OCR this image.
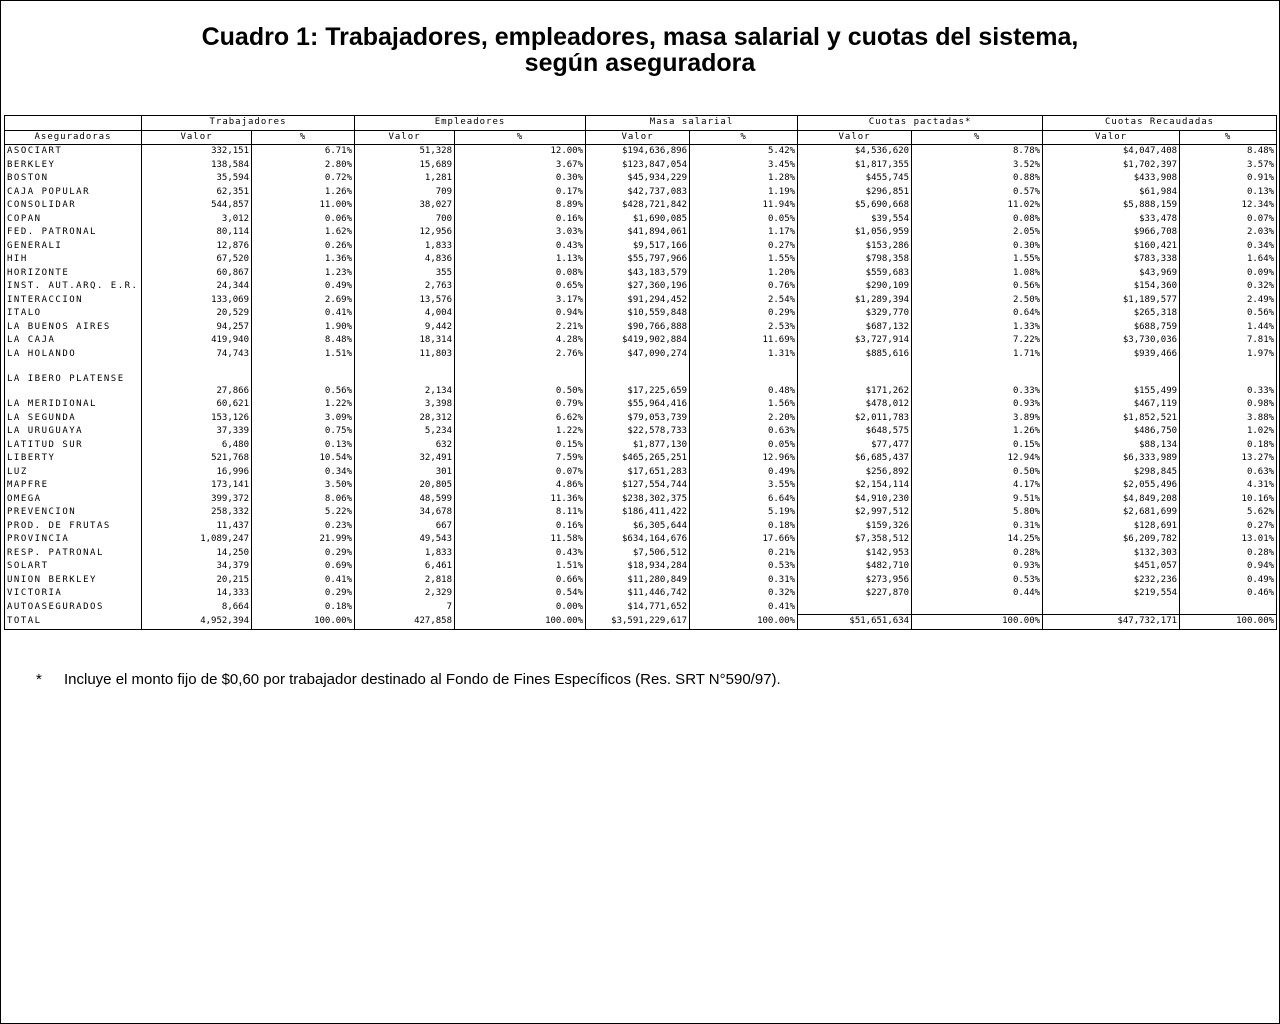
Cuadro 1: Trabajadores, empleadores, masa salarial y cuotas del sistema,
según aseguradora
	Trabajadores		Empleadores		Masa salarial		Cuotas pactadas*		Cuotas Recaudadas	
Aseguradoras	Valor	%	Valor	%	Valor	%	Valor	%	Valor	%
ASOCIART	332,151	6.71%	51,328	12.00%	$194,636,896	5.42%	$4,536,620	8.78%	$4,047,408	8.48%
BERKLEY	138,584	2.80%	15,689	3.67%	$123,847,054	3.45%	$1,817,355	3.52%	$1,702,397	3.57%
BOSTON	35,594	0.72%	1,281	0.30%	$45,934,229	1.28%	$455,745	0.88%	$433,908	0.91%
CAJA POPULAR	62,351	1.26%	709	0.17%	$42,737,083	1.19%	$296,851	0.57%	$61,984	0.13%
CONSOLIDAR	544,857	11.00%	38,027	8.89%	$428,721,842	11.94%	$5,690,668	11.02%	$5,888,159	12.34%
COPAN	3,012	0.06%	700	0.16%	$1,690,085	0.05%	$39,554	0.08%	$33,478	0.07%
FED. PATRONAL	80,114	1.62%	12,956	3.03%	$41,894,061	1.17%	$1,056,959	2.05%	$966,708	2.03%
GENERALI	12,876	0.26%	1,833	0.43%	$9,517,166	0.27%	$153,286	0.30%	$160,421	0.34%
HIH	67,520	1.36%	4,836	1.13%	$55,797,966	1.55%	$798,358	1.55%	$783,338	1.64%
HORIZONTE	60,867	1.23%	355	0.08%	$43,183,579	1.20%	$559,683	1.08%	$43,969	0.09%
INST. AUT.ARQ. E.R.	24,344	0.49%	2,763	0.65%	$27,360,196	0.76%	$290,109	0.56%	$154,360	0.32%
INTERACCION	133,069	2.69%	13,576	3.17%	$91,294,452	2.54%	$1,289,394	2.50%	$1,189,577	2.49%
ITALO	20,529	0.41%	4,004	0.94%	$10,559,848	0.29%	$329,770	0.64%	$265,318	0.56%
LA BUENOS AIRES	94,257	1.90%	9,442	2.21%	$90,766,888	2.53%	$687,132	1.33%	$688,759	1.44%
LA CAJA	419,940	8.48%	18,314	4.28%	$419,902,884	11.69%	$3,727,914	7.22%	$3,730,036	7.81%
LA HOLANDO	74,743	1.51%	11,803	2.76%	$47,090,274	1.31%	$885,616	1.71%	$939,466	1.97%
LA IBERO PLATENSE	27,866	0.56%	2,134	0.50%	$17,225,659	0.48%	$171,262	0.33%	$155,499	0.33%
LA MERIDIONAL	60,621	1.22%	3,398	0.79%	$55,964,416	1.56%	$478,012	0.93%	$467,119	0.98%
LA SEGUNDA	153,126	3.09%	28,312	6.62%	$79,053,739	2.20%	$2,011,783	3.89%	$1,852,521	3.88%
LA URUGUAYA	37,339	0.75%	5,234	1.22%	$22,578,733	0.63%	$648,575	1.26%	$486,750	1.02%
LATITUD SUR	6,480	0.13%	632	0.15%	$1,877,130	0.05%	$77,477	0.15%	$88,134	0.18%
LIBERTY	521,768	10.54%	32,491	7.59%	$465,265,251	12.96%	$6,685,437	12.94%	$6,333,989	13.27%
LUZ	16,996	0.34%	301	0.07%	$17,651,283	0.49%	$256,892	0.50%	$298,845	0.63%
MAPFRE	173,141	3.50%	20,805	4.86%	$127,554,744	3.55%	$2,154,114	4.17%	$2,055,496	4.31%
OMEGA	399,372	8.06%	48,599	11.36%	$238,302,375	6.64%	$4,910,230	9.51%	$4,849,208	10.16%
PREVENCION	258,332	5.22%	34,678	8.11%	$186,411,422	5.19%	$2,997,512	5.80%	$2,681,699	5.62%
PROD. DE FRUTAS	11,437	0.23%	667	0.16%	$6,305,644	0.18%	$159,326	0.31%	$128,691	0.27%
PROVINCIA	1,089,247	21.99%	49,543	11.58%	$634,164,676	17.66%	$7,358,512	14.25%	$6,209,782	13.01%
RESP. PATRONAL	14,250	0.29%	1,833	0.43%	$7,506,512	0.21%	$142,953	0.28%	$132,303	0.28%
SOLART	34,379	0.69%	6,461	1.51%	$18,934,284	0.53%	$482,710	0.93%	$451,057	0.94%
UNION BERKLEY	20,215	0.41%	2,818	0.66%	$11,280,849	0.31%	$273,956	0.53%	$232,236	0.49%
VICTORIA	14,333	0.29%	2,329	0.54%	$11,446,742	0.32%	$227,870	0.44%	$219,554	0.46%
AUTOASEGURADOS	8,664	0.18%	7	0.00%	$14,771,652	0.41%				
TOTAL	4,952,394	100.00%	427,858	100.00%	$3,591,229,617	100.00%	$51,651,634	100.00%	$47,732,171	100.00%
* Incluye el monto fijo de $0,60 por trabajador destinado al Fondo de Fines Específicos (Res. SRT N°590/97).
